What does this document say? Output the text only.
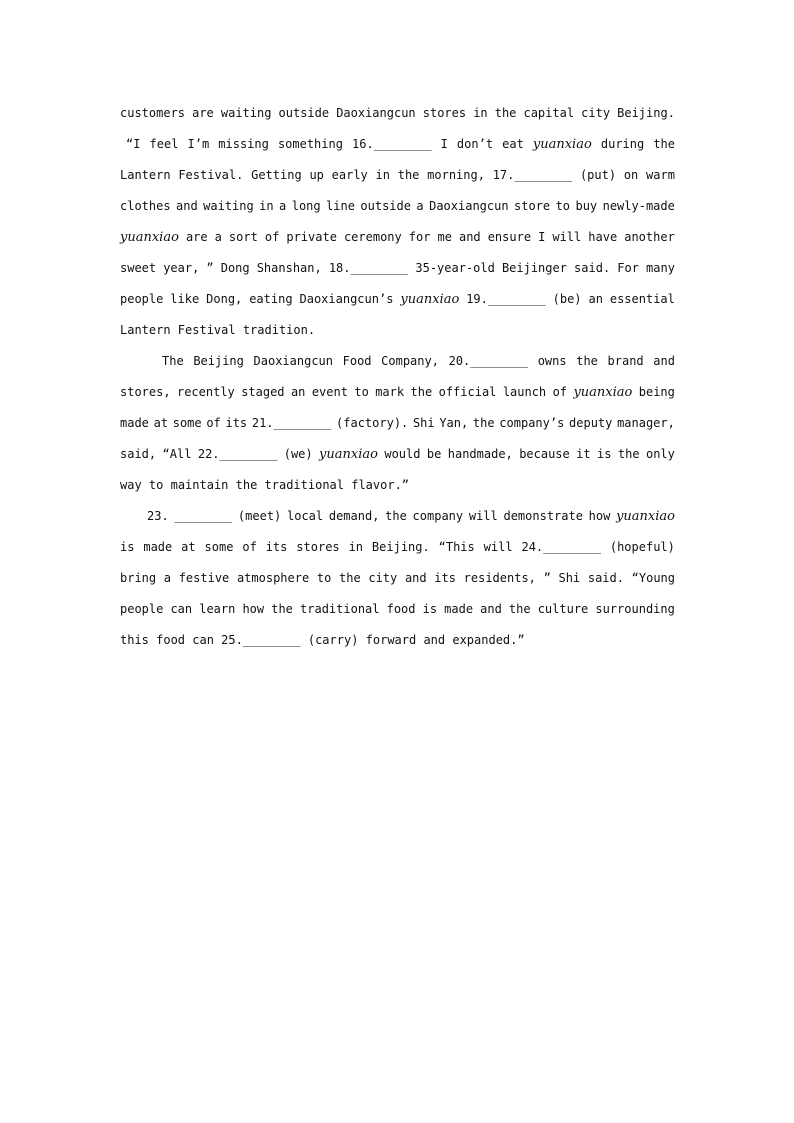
customers are waiting outside Daoxiangcun stores in the capital city Beijing.
“I feel I’m missing something 16.________ I don’t eat yuanxiao during the
Lantern Festival. Getting up early in the morning, 17.________ (put) on warm
clothes and waiting in a long line outside a Daoxiangcun store to buy newly-made
yuanxiao are a sort of private ceremony for me and ensure I will have another
sweet year, ” Dong Shanshan, 18.________ 35-year-old Beijinger said. For many
people like Dong, eating Daoxiangcun’s yuanxiao 19.________ (be) an essential
Lantern Festival tradition.
The Beijing Daoxiangcun Food Company, 20.________ owns the brand and
stores, recently staged an event to mark the official launch of yuanxiao being
made at some of its 21.________ (factory). Shi Yan, the company’s deputy manager,
said, “All 22.________ (we) yuanxiao would be handmade, because it is the only
way to maintain the traditional flavor.”
23. ________ (meet) local demand, the company will demonstrate how yuanxiao
is made at some of its stores in Beijing. “This will 24.________ (hopeful)
bring a festive atmosphere to the city and its residents, ” Shi said. “Young
people can learn how the traditional food is made and the culture surrounding
this food can 25.________ (carry) forward and expanded.”
